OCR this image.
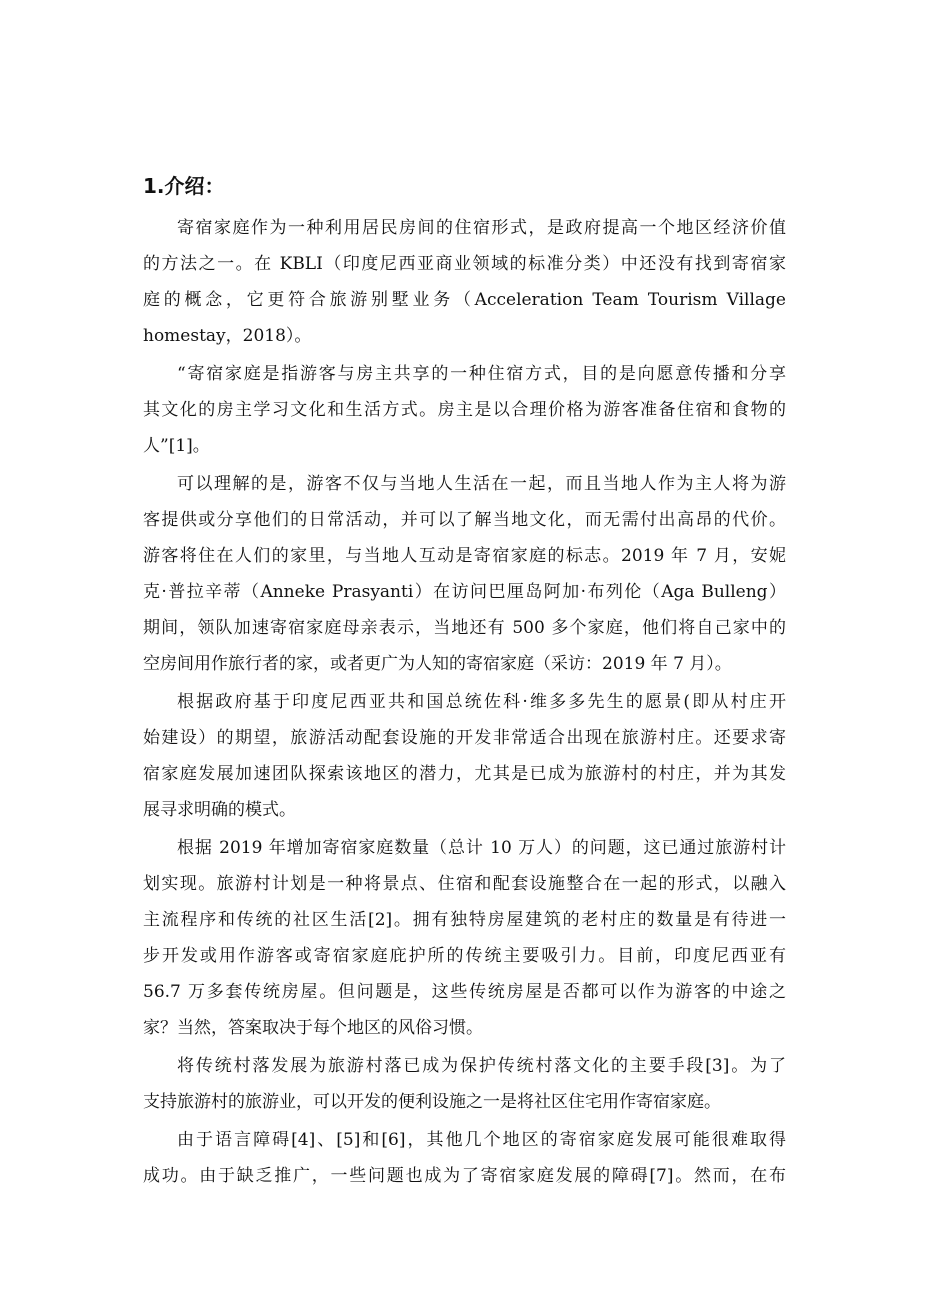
1.介绍：
寄宿家庭作为一种利用居民房间的住宿形式，是政府提高一个地区经济价值
的方法之一。在 KBLI（印度尼西亚商业领域的标准分类）中还没有找到寄宿家
庭的概念，它更符合旅游别墅业务（Acceleration Team Tourism Village
homestay，2018）。
“寄宿家庭是指游客与房主共享的一种住宿方式，目的是向愿意传播和分享
其文化的房主学习文化和生活方式。房主是以合理价格为游客准备住宿和食物的
人”[1]。
可以理解的是，游客不仅与当地人生活在一起，而且当地人作为主人将为游
客提供或分享他们的日常活动，并可以了解当地文化，而无需付出高昂的代价。
游客将住在人们的家里，与当地人互动是寄宿家庭的标志。2019 年 7 月，安妮
克·普拉辛蒂（Anneke Prasyanti）在访问巴厘岛阿加·布列伦（Aga Bulleng）
期间，领队加速寄宿家庭母亲表示，当地还有 500 多个家庭，他们将自己家中的
空房间用作旅行者的家，或者更广为人知的寄宿家庭（采访：2019 年 7 月）。
根据政府基于印度尼西亚共和国总统佐科·维多多先生的愿景(即从村庄开
始建设）的期望，旅游活动配套设施的开发非常适合出现在旅游村庄。还要求寄
宿家庭发展加速团队探索该地区的潜力，尤其是已成为旅游村的村庄，并为其发
展寻求明确的模式。
根据 2019 年增加寄宿家庭数量（总计 10 万人）的问题，这已通过旅游村计
划实现。旅游村计划是一种将景点、住宿和配套设施整合在一起的形式，以融入
主流程序和传统的社区生活[2]。拥有独特房屋建筑的老村庄的数量是有待进一
步开发或用作游客或寄宿家庭庇护所的传统主要吸引力。目前，印度尼西亚有
56.7 万多套传统房屋。但问题是，这些传统房屋是否都可以作为游客的中途之
家？当然，答案取决于每个地区的风俗习惯。
将传统村落发展为旅游村落已成为保护传统村落文化的主要手段[3]。为了
支持旅游村的旅游业，可以开发的便利设施之一是将社区住宅用作寄宿家庭。
由于语言障碍[4]、[5]和[6]，其他几个地区的寄宿家庭发展可能很难取得
成功。由于缺乏推广，一些问题也成为了寄宿家庭发展的障碍[7]。然而，在布
